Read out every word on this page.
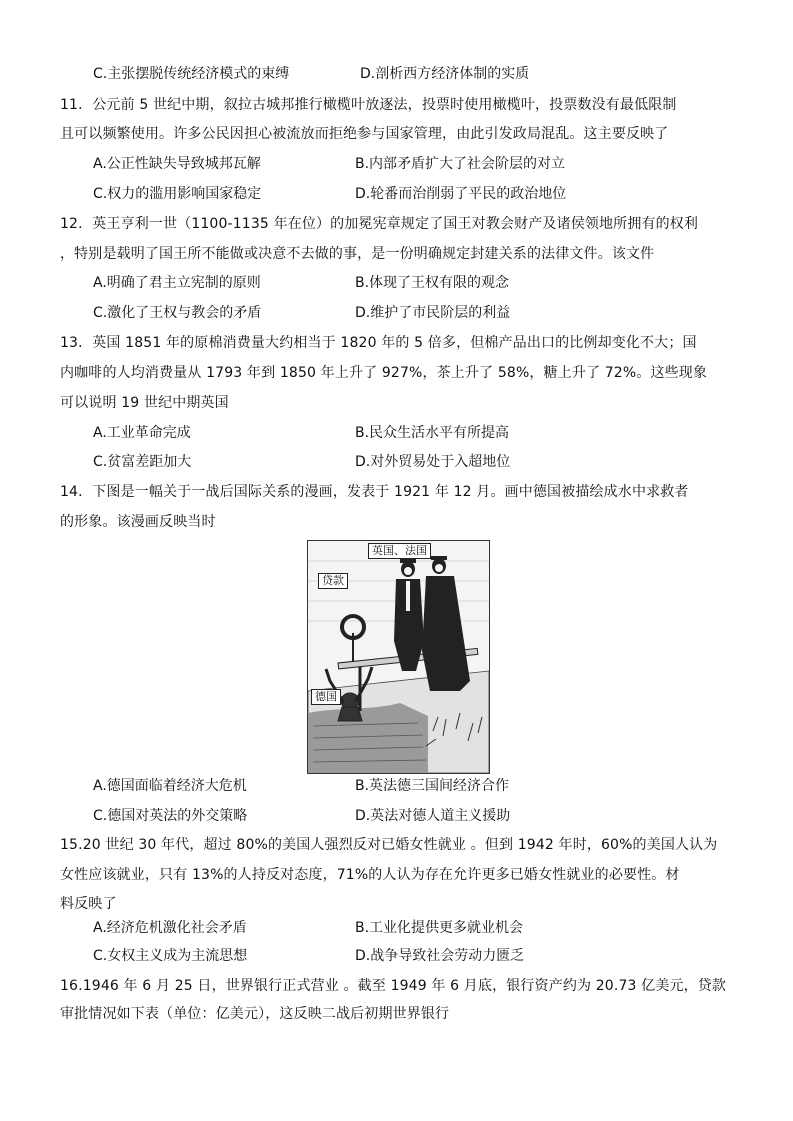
C.主张摆脱传统经济模式的束缚	D.剖析西方经济体制的实质
11．公元前 5 世纪中期，叙拉古城邦推行橄榄叶放逐法，投票时使用橄榄叶，投票数没有最低限制
且可以频繁使用。许多公民因担心被流放而拒绝参与国家管理，由此引发政局混乱。这主要反映了
A.公正性缺失导致城邦瓦解	B.内部矛盾扩大了社会阶层的对立
C.权力的滥用影响国家稳定	D.轮番而治削弱了平民的政治地位
12．英王亨利一世（1100-1135 年在位）的加冕宪章规定了国王对教会财产及诸侯领地所拥有的权利
，特别是载明了国王所不能做或决意不去做的事，是一份明确规定封建关系的法律文件。该文件
A.明确了君主立宪制的原则	B.体现了王权有限的观念
C.激化了王权与教会的矛盾	D.维护了市民阶层的利益
13．英国 1851 年的原棉消费量大约相当于 1820 年的 5 倍多，但棉产品出口的比例却变化不大；国
内咖啡的人均消费量从 1793 年到 1850 年上升了 927%，茶上升了 58%，糖上升了 72%。这些现象
可以说明 19 世纪中期英国
A.工业革命完成	B.民众生活水平有所提高
C.贫富差距加大	D.对外贸易处于入超地位
14．下图是一幅关于一战后国际关系的漫画，发表于 1921 年 12 月。画中德国被描绘成水中求救者
的形象。该漫画反映当时
英国、法国
贷款
德国
A.德国面临着经济大危机	B.英法德三国间经济合作
C.德国对英法的外交策略	D.英法对德人道主义援助
15.20 世纪 30 年代，超过 80%的美国人强烈反对已婚女性就业 。但到 1942 年时，60%的美国人认为
女性应该就业，只有 13%的人持反对态度，71%的人认为存在允许更多已婚女性就业的必要性。材
料反映了
A.经济危机激化社会矛盾	B.工业化提供更多就业机会
C.女权主义成为主流思想	D.战争导致社会劳动力匮乏
16.1946 年 6 月 25 日，世界银行正式营业 。截至 1949 年 6 月底，银行资产约为 20.73 亿美元，贷款
审批情况如下表（单位：亿美元），这反映二战后初期世界银行
